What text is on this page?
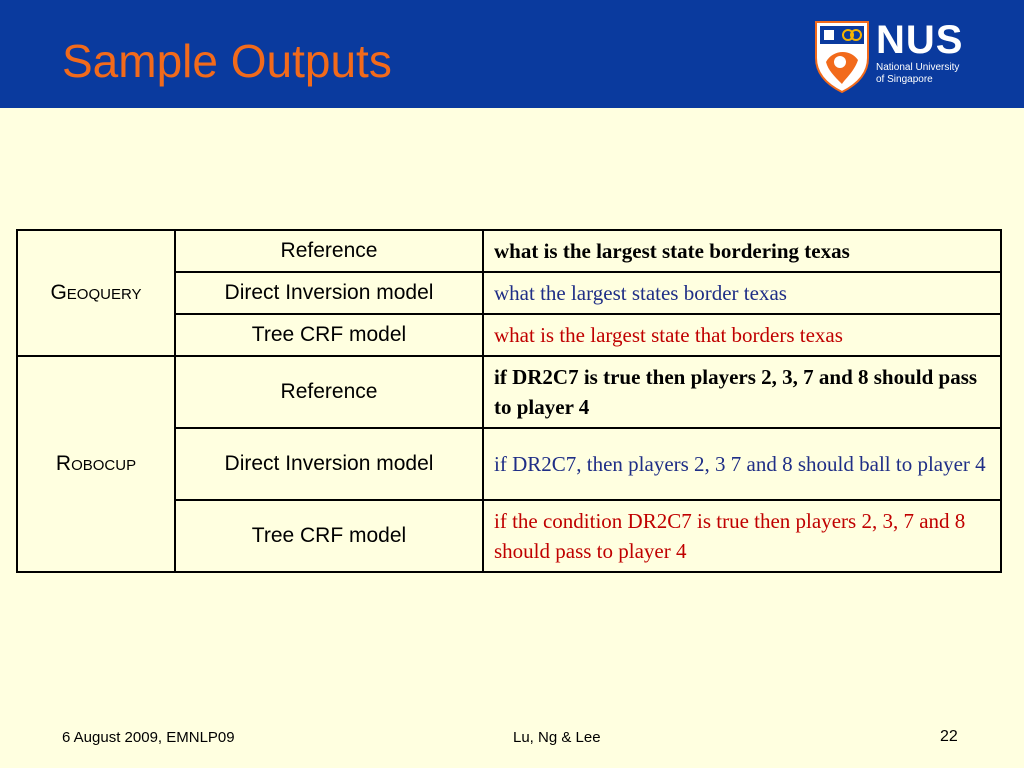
Sample Outputs	NUS
National University
of Singapore
Geoquery	Reference	what is the largest state bordering texas
	Direct Inversion model	what the largest states border texas
	Tree CRF model	what is the largest state that borders texas
Robocup	Reference	if DR2C7 is true then players 2, 3, 7 and 8 should pass to player 4
	Direct Inversion model	if DR2C7, then players 2, 3 7 and 8 should ball to player 4
	Tree CRF model	if the condition DR2C7 is true then players 2, 3, 7 and 8 should pass to player 4
6 August 2009, EMNLP09	Lu, Ng & Lee	22
